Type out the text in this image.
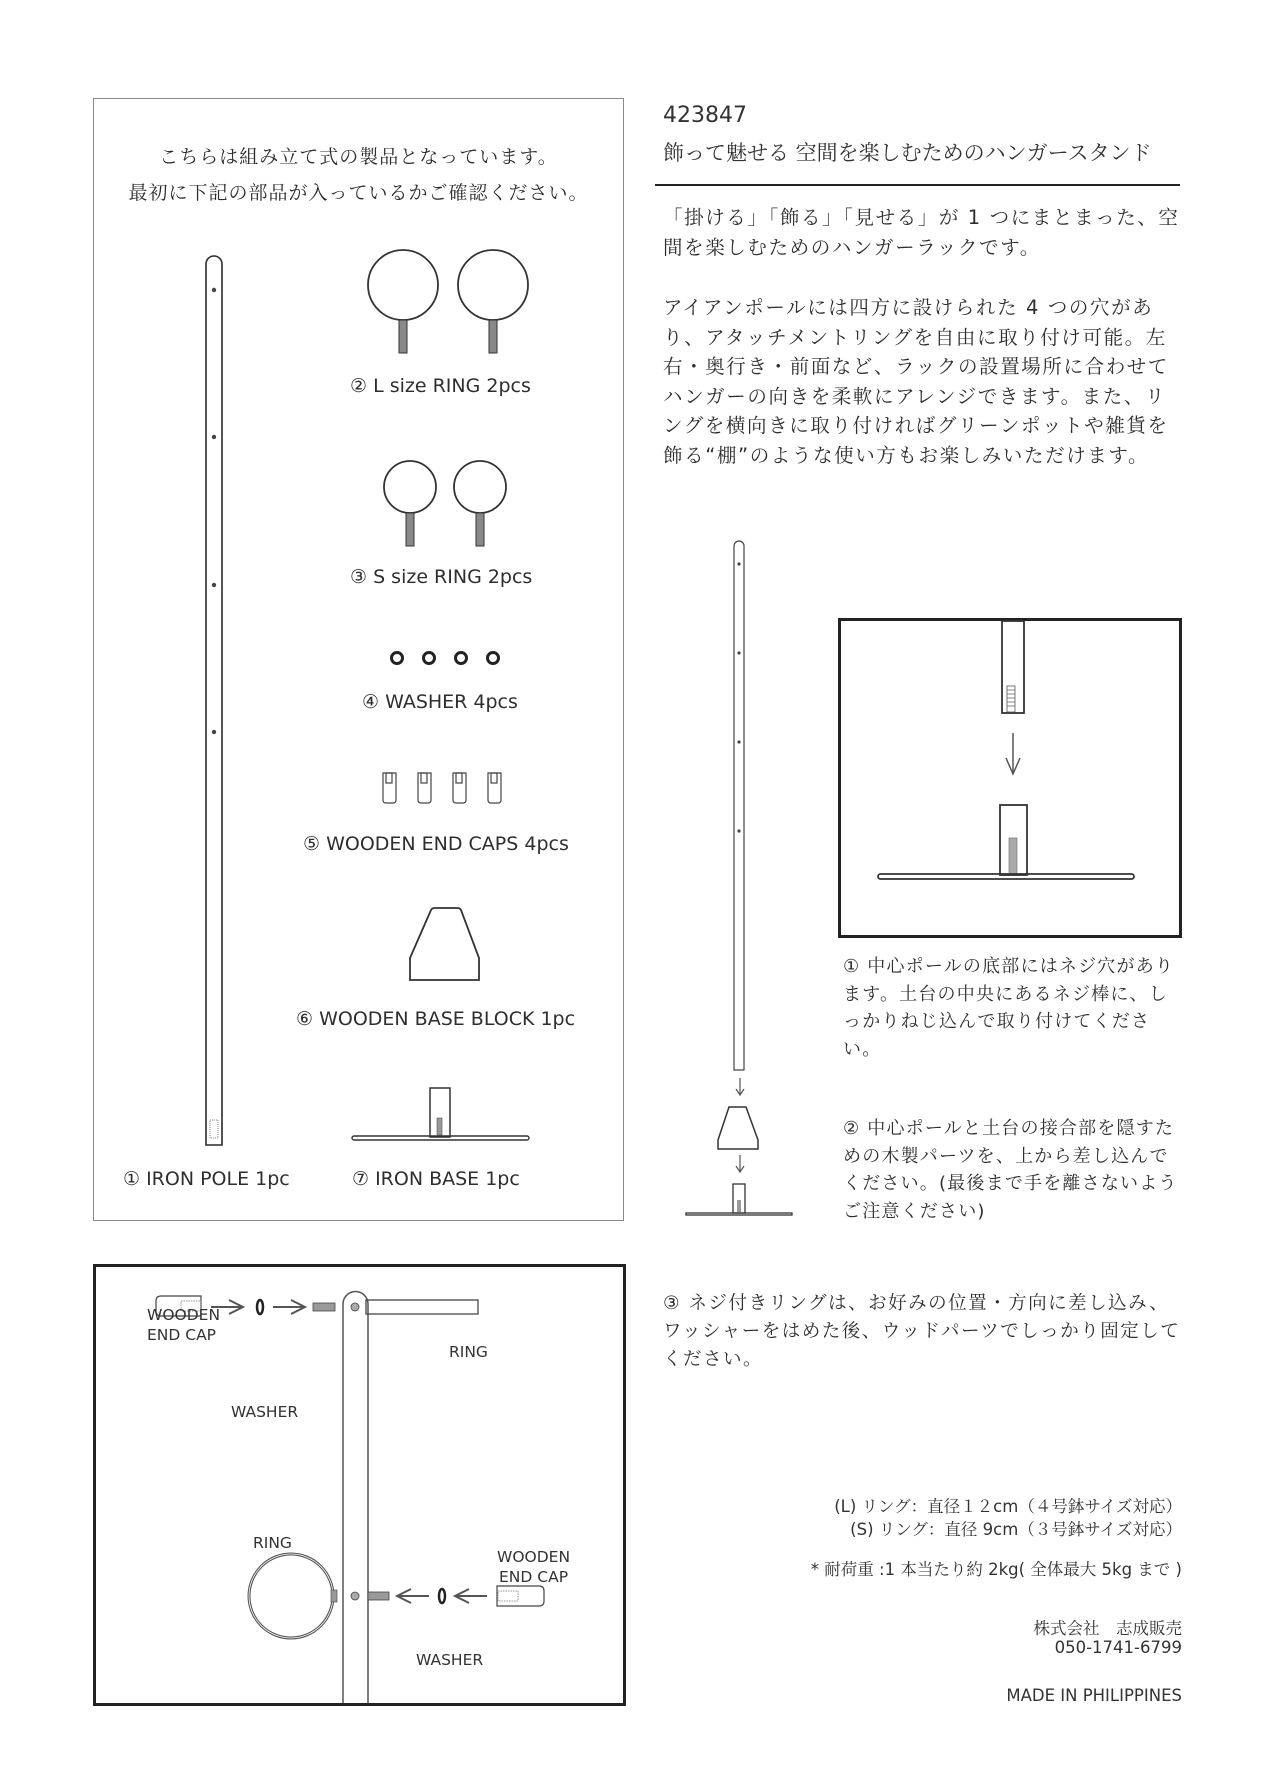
こちらは組み立て式の製品となっています。
最初に下記の部品が入っているかご確認ください。
② L size RING 2pcs
③ S size RING 2pcs
④ WASHER 4pcs
⑤ WOODEN END CAPS 4pcs
⑥ WOODEN BASE BLOCK 1pc
① IRON POLE 1pc	⑦ IRON BASE 1pc
423847
飾って魅せる 空間を楽しむためのハンガースタンド
「掛ける」「飾る」「見せる」が 1 つにまとまった、空間を楽しむためのハンガーラックです。
アイアンポールには四方に設けられた 4 つの穴があり、アタッチメントリングを自由に取り付け可能。左右・奥行き・前面など、ラックの設置場所に合わせてハンガーの向きを柔軟にアレンジできます。また、リングを横向きに取り付ければグリーンポットや雑貨を飾る“棚”のような使い方もお楽しみいただけます。
① 中心ポールの底部にはネジ穴があります。土台の中央にあるネジ棒に、しっかりねじ込んで取り付けてください。
② 中心ポールと土台の接合部を隠すための木製パーツを、上から差し込んでください。(最後まで手を離さないようご注意ください)
③ ネジ付きリングは、お好みの位置・方向に差し込み、ワッシャーをはめた後、ウッドパーツでしっかり固定してください。
WOODEN
END CAP
WASHER
RING
RING
WOODEN
END CAP
WASHER
(L) リング：直径１２cm（４号鉢サイズ対応）
(S) リング：直径 9cm（３号鉢サイズ対応）
* 耐荷重 :1 本当たり約 2kg( 全体最大 5kg まで )
株式会社　志成販売
050-1741-6799
MADE IN PHILIPPINES
